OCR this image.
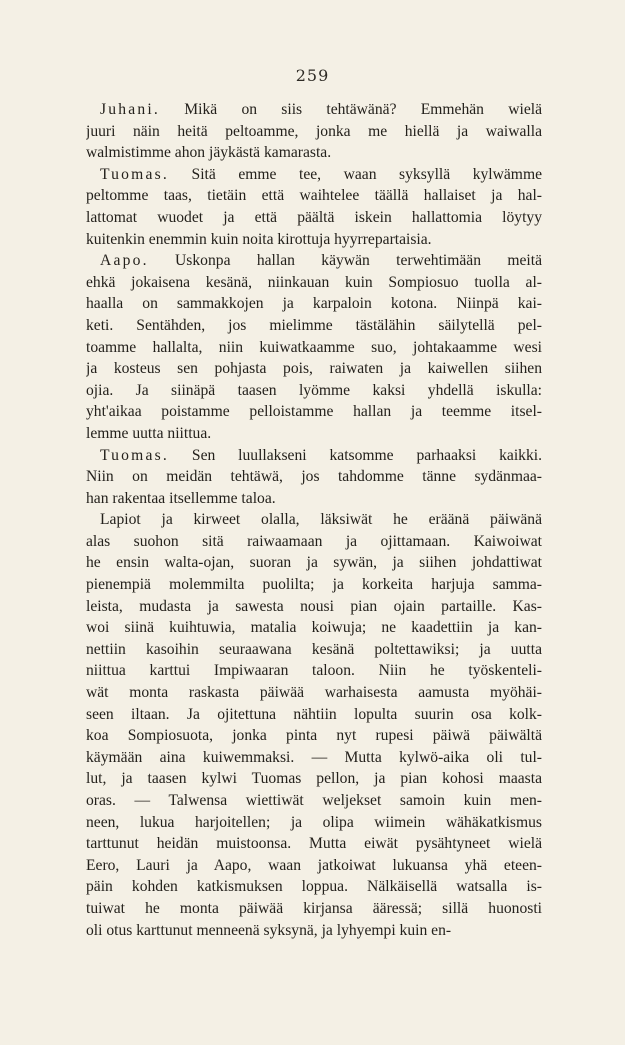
259
Juhani. Mikä on siis tehtäwänä? Emmehän wielä
juuri näin heitä peltoamme, jonka me hiellä ja waiwalla
walmistimme ahon jäykästä kamarasta.
Tuomas. Sitä emme tee, waan syksyllä kylwämme
peltomme taas, tietäin että waihtelee täällä hallaiset ja hal-
lattomat wuodet ja että päältä iskein hallattomia löytyy
kuitenkin enemmin kuin noita kirottuja hyyrrepartaisia.
Aapo. Uskonpa hallan käywän terwehtimään meitä
ehkä jokaisena kesänä, niinkauan kuin Sompiosuo tuolla al-
haalla on sammakkojen ja karpaloin kotona. Niinpä kai-
keti. Sentähden, jos mielimme tästälähin säilytellä pel-
toamme hallalta, niin kuiwatkaamme suo, johtakaamme wesi
ja kosteus sen pohjasta pois, raiwaten ja kaiwellen siihen
ojia. Ja siinäpä taasen lyömme kaksi yhdellä iskulla:
yht'aikaa poistamme pelloistamme hallan ja teemme itsel-
lemme uutta niittua.
Tuomas. Sen luullakseni katsomme parhaaksi kaikki.
Niin on meidän tehtäwä, jos tahdomme tänne sydänmaa-
han rakentaa itsellemme taloa.
Lapiot ja kirweet olalla, läksiwät he eräänä päiwänä
alas suohon sitä raiwaamaan ja ojittamaan. Kaiwoiwat
he ensin walta-ojan, suoran ja sywän, ja siihen johdattiwat
pienempiä molemmilta puolilta; ja korkeita harjuja samma-
leista, mudasta ja sawesta nousi pian ojain partaille. Kas-
woi siinä kuihtuwia, matalia koiwuja; ne kaadettiin ja kan-
nettiin kasoihin seuraawana kesänä poltettawiksi; ja uutta
niittua karttui Impiwaaran taloon. Niin he työskenteli-
wät monta raskasta päiwää warhaisesta aamusta myöhäi-
seen iltaan. Ja ojitettuna nähtiin lopulta suurin osa kolk-
koa Sompiosuota, jonka pinta nyt rupesi päiwä päiwältä
käymään aina kuiwemmaksi. — Mutta kylwö-aika oli tul-
lut, ja taasen kylwi Tuomas pellon, ja pian kohosi maasta
oras. — Talwensa wiettiwät weljekset samoin kuin men-
neen, lukua harjoitellen; ja olipa wiimein wähäkatkismus
tarttunut heidän muistoonsa. Mutta eiwät pysähtyneet wielä
Eero, Lauri ja Aapo, waan jatkoiwat lukuansa yhä eteen-
päin kohden katkismuksen loppua. Nälkäisellä watsalla is-
tuiwat he monta päiwää kirjansa ääressä; sillä huonosti
oli otus karttunut menneenä syksynä, ja lyhyempi kuin en-
